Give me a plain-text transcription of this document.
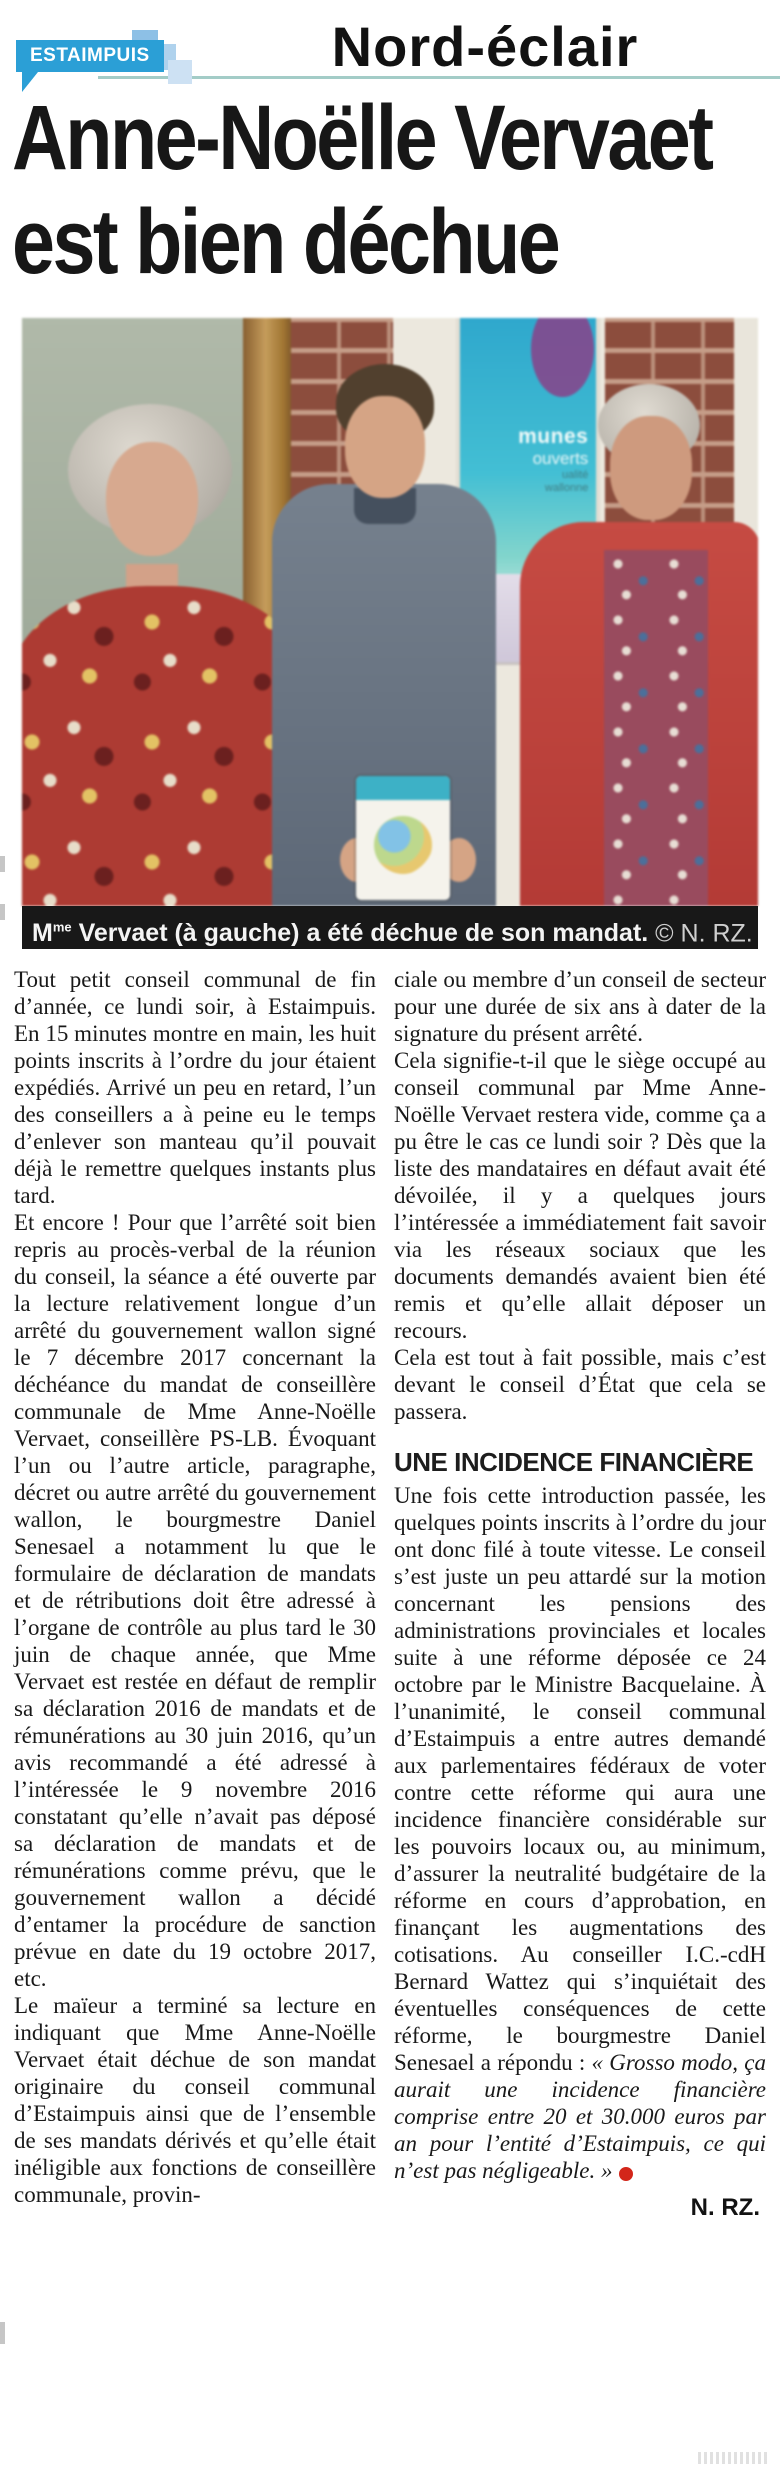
ESTAIMPUIS	Nord-éclair
Anne-Noëlle Vervaet
est bien déchue
munes
ouverts
ualité
wallonne
$M^{me}$ Vervaet (à gauche) a été déchue de son mandat. © N. RZ.

Tout petit conseil communal de fin d’année, ce lundi soir, à Estaimpuis. En 15 minutes montre en main, les huit points inscrits à l’ordre du jour étaient expédiés. Arrivé un peu en retard, l’un des conseillers a à peine eu le temps d’enlever son manteau qu’il pouvait déjà le remettre quelques instants plus tard.

Et encore ! Pour que l’arrêté soit bien repris au procès-verbal de la réunion du conseil, la séance a été ouverte par la lecture relativement longue d’un arrêté du gouvernement wallon signé le 7 décembre 2017 concernant la déchéance du mandat de conseillère communale de Mme Anne-Noëlle Vervaet, conseillère PS-LB. Évoquant l’un ou l’autre article, paragraphe, décret ou autre arrêté du gouvernement wallon, le bourgmestre Daniel Senesael a notamment lu que le formulaire de déclaration de mandats et de rétributions doit être adressé à l’organe de contrôle au plus tard le 30 juin de chaque année, que Mme Vervaet est restée en défaut de remplir sa déclaration 2016 de mandats et de rémunérations au 30 juin 2016, qu’un avis recommandé a été adressé à l’intéressée le 9 novembre 2016 constatant qu’elle n’avait pas déposé sa déclaration de mandats et de rémunérations comme prévu, que le gouvernement wallon a décidé d’entamer la procédure de sanction prévue en date du 19 octobre 2017, etc.

Le maïeur a terminé sa lecture en indiquant que Mme Anne-Noëlle Vervaet était déchue de son mandat originaire du conseil communal d’Estaimpuis ainsi que de l’ensemble de ses mandats dérivés et qu’elle était inéligible aux fonctions de conseillère communale, provin-

ciale ou membre d’un conseil de secteur pour une durée de six ans à dater de la signature du présent arrêté.

Cela signifie-t-il que le siège occupé au conseil communal par Mme Anne-Noëlle Vervaet restera vide, comme ça a pu être le cas ce lundi soir ? Dès que la liste des mandataires en défaut avait été dévoilée, il y a quelques jours l’intéressée a immédiatement fait savoir via les réseaux sociaux que les documents demandés avaient bien été remis et qu’elle allait déposer un recours.

Cela est tout à fait possible, mais c’est devant le conseil d’État que cela se passera.

UNE INCIDENCE FINANCIÈRE

Une fois cette introduction passée, les quelques points inscrits à l’ordre du jour ont donc filé à toute vitesse. Le conseil s’est juste un peu attardé sur la motion concernant les pensions des administrations provinciales et locales suite à une réforme déposée ce 24 octobre par le Ministre Bacquelaine. À l’unanimité, le conseil communal d’Estaimpuis a entre autres demandé aux parlementaires fédéraux de voter contre cette réforme qui aura une incidence financière considérable sur les pouvoirs locaux ou, au minimum, d’assurer la neutralité budgétaire de la réforme en cours d’approbation, en finançant les augmentations des cotisations. Au conseiller I.C.-cdH Bernard Wattez qui s’inquiétait des éventuelles conséquences de cette réforme, le bourgmestre Daniel Senesael a répondu : « Grosso modo, ça aurait une incidence financière comprise entre 20 et 30.000 euros par an pour l’entité d’Estaimpuis, ce qui n’est pas négligeable. »

N. RZ.
